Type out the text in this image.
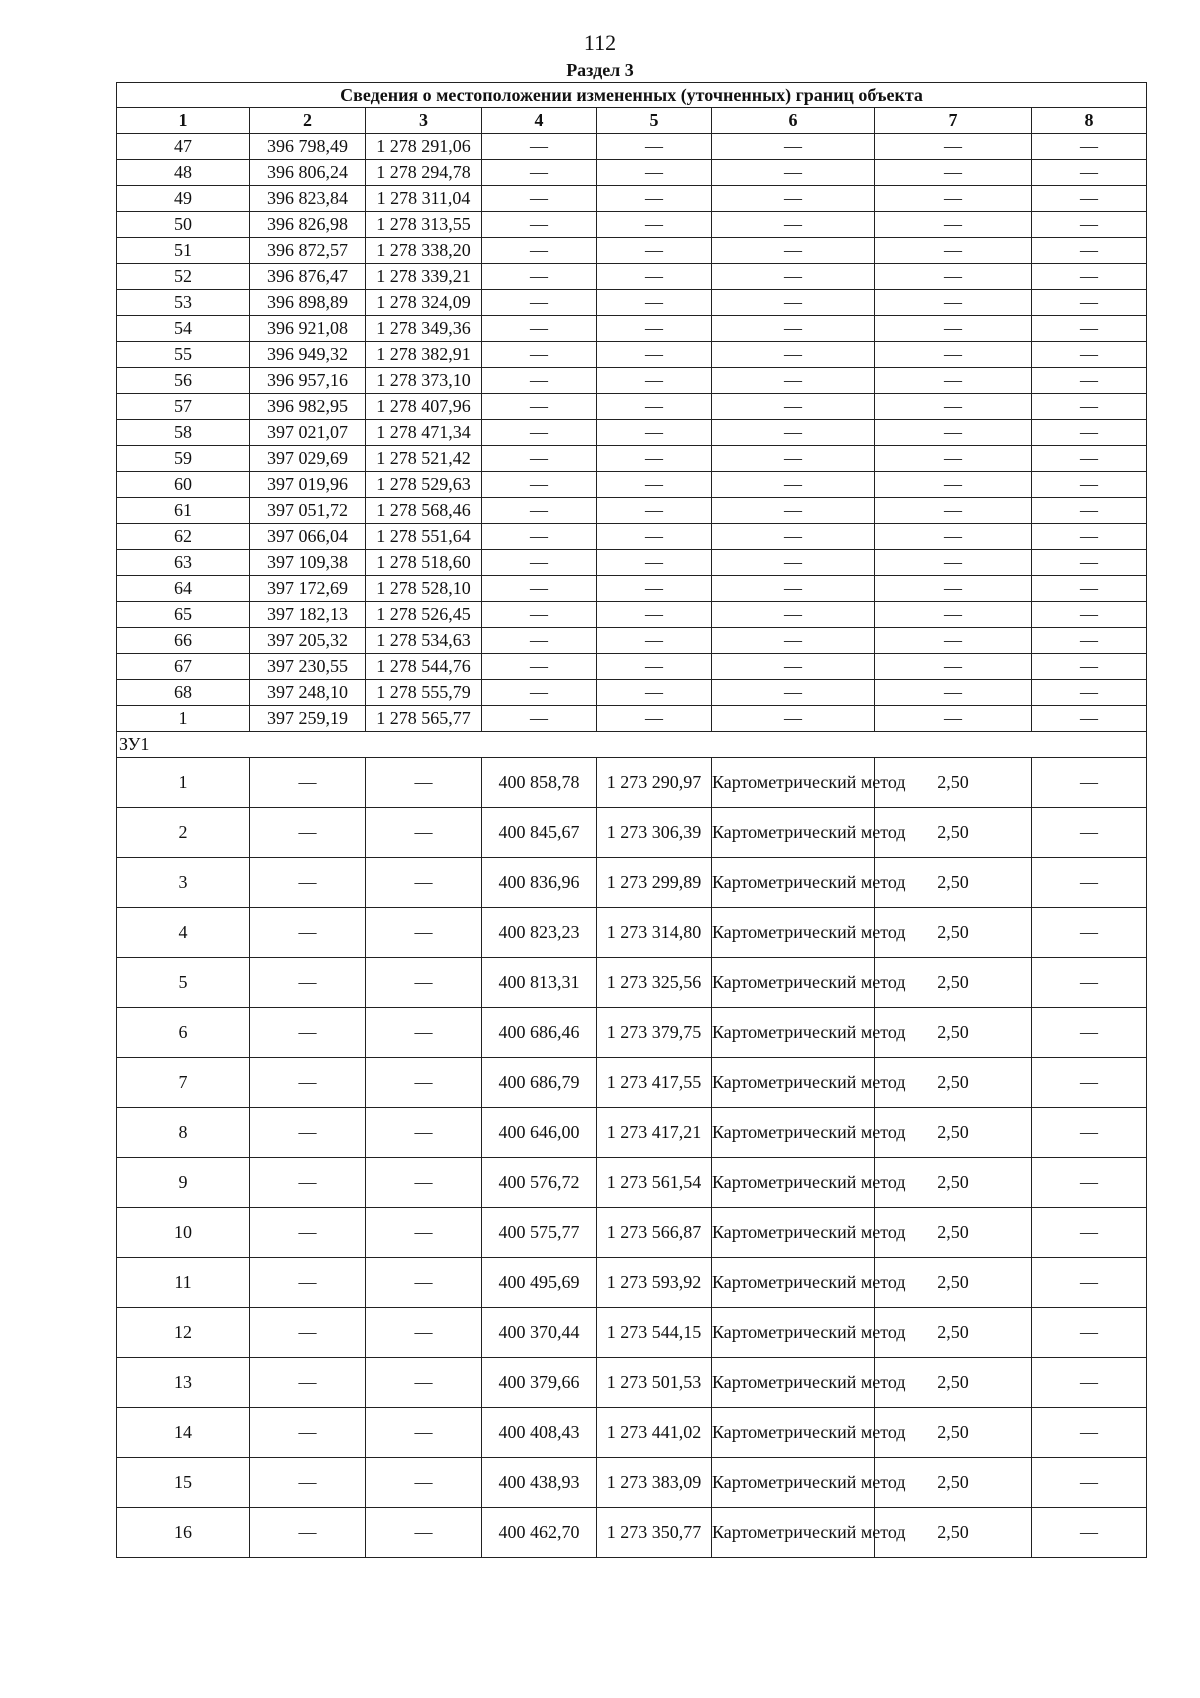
112
Раздел 3
Сведения о местоположении измененных (уточненных) границ объекта							
1	2	3	4	5	6	7	8
47	396 798,49	1 278 291,06	—	—	—	—	—
48	396 806,24	1 278 294,78	—	—	—	—	—
49	396 823,84	1 278 311,04	—	—	—	—	—
50	396 826,98	1 278 313,55	—	—	—	—	—
51	396 872,57	1 278 338,20	—	—	—	—	—
52	396 876,47	1 278 339,21	—	—	—	—	—
53	396 898,89	1 278 324,09	—	—	—	—	—
54	396 921,08	1 278 349,36	—	—	—	—	—
55	396 949,32	1 278 382,91	—	—	—	—	—
56	396 957,16	1 278 373,10	—	—	—	—	—
57	396 982,95	1 278 407,96	—	—	—	—	—
58	397 021,07	1 278 471,34	—	—	—	—	—
59	397 029,69	1 278 521,42	—	—	—	—	—
60	397 019,96	1 278 529,63	—	—	—	—	—
61	397 051,72	1 278 568,46	—	—	—	—	—
62	397 066,04	1 278 551,64	—	—	—	—	—
63	397 109,38	1 278 518,60	—	—	—	—	—
64	397 172,69	1 278 528,10	—	—	—	—	—
65	397 182,13	1 278 526,45	—	—	—	—	—
66	397 205,32	1 278 534,63	—	—	—	—	—
67	397 230,55	1 278 544,76	—	—	—	—	—
68	397 248,10	1 278 555,79	—	—	—	—	—
1	397 259,19	1 278 565,77	—	—	—	—	—
ЗУ1							
1	—	—	400 858,78	1 273 290,97	Картометрический метод	2,50	—
2	—	—	400 845,67	1 273 306,39	Картометрический метод	2,50	—
3	—	—	400 836,96	1 273 299,89	Картометрический метод	2,50	—
4	—	—	400 823,23	1 273 314,80	Картометрический метод	2,50	—
5	—	—	400 813,31	1 273 325,56	Картометрический метод	2,50	—
6	—	—	400 686,46	1 273 379,75	Картометрический метод	2,50	—
7	—	—	400 686,79	1 273 417,55	Картометрический метод	2,50	—
8	—	—	400 646,00	1 273 417,21	Картометрический метод	2,50	—
9	—	—	400 576,72	1 273 561,54	Картометрический метод	2,50	—
10	—	—	400 575,77	1 273 566,87	Картометрический метод	2,50	—
11	—	—	400 495,69	1 273 593,92	Картометрический метод	2,50	—
12	—	—	400 370,44	1 273 544,15	Картометрический метод	2,50	—
13	—	—	400 379,66	1 273 501,53	Картометрический метод	2,50	—
14	—	—	400 408,43	1 273 441,02	Картометрический метод	2,50	—
15	—	—	400 438,93	1 273 383,09	Картометрический метод	2,50	—
16	—	—	400 462,70	1 273 350,77	Картометрический метод	2,50	—
